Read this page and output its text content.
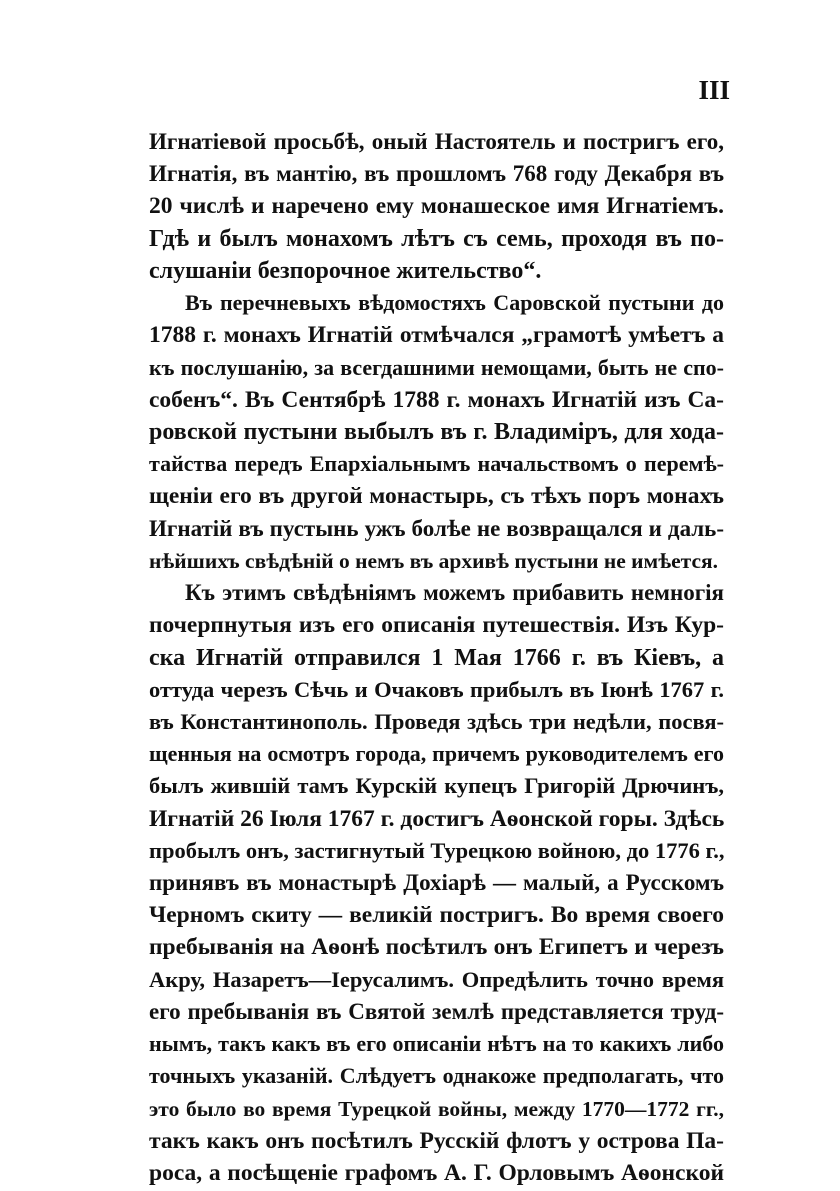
III
Игнатіевой просьбѣ, оный Настоятель и постригъ его,
Игнатія, въ мантію, въ прошломъ 768 году Декабря въ
20 числѣ и наречено ему монашеское имя Игнатіемъ.
Гдѣ и былъ монахомъ лѣтъ съ семь, проходя въ по-
слушаніи безпорочное жительство“.
Въ перечневыхъ вѣдомостяхъ Саровской пустыни до
1788 г. монахъ Игнатій отмѣчался „грамотѣ умѣетъ а
къ послушанію, за всегдашними немощами, быть не спо-
собенъ“. Въ Сентябрѣ 1788 г. монахъ Игнатій изъ Са-
ровской пустыни выбылъ въ г. Владиміръ, для хода-
тайства передъ Епархіальнымъ начальствомъ о перемѣ-
щеніи его въ другой монастырь, съ тѣхъ поръ монахъ
Игнатій въ пустынь ужъ болѣе не возвращался и даль-
нѣйшихъ свѣдѣній о немъ въ архивѣ пустыни не имѣется.
Къ этимъ свѣдѣніямъ можемъ прибавить немногія
почерпнутыя изъ его описанія путешествія. Изъ Кур-
ска Игнатій отправился 1 Мая 1766 г. въ Кіевъ, а
оттуда черезъ Сѣчь и Очаковъ прибылъ въ Іюнѣ 1767 г.
въ Константинополь. Проведя здѣсь три недѣли, посвя-
щенныя на осмотръ города, причемъ руководителемъ его
былъ жившій тамъ Курскій купецъ Григорій Дрючинъ,
Игнатій 26 Іюля 1767 г. достигъ Аѳонской горы. Здѣсь
пробылъ онъ, застигнутый Турецкою войною, до 1776 г.,
принявъ въ монастырѣ Дохіарѣ — малый, а Русскомъ
Черномъ скиту — великій постригъ. Во время своего
пребыванія на Аѳонѣ посѣтилъ онъ Египетъ и черезъ
Акру, Назаретъ—Іерусалимъ. Опредѣлить точно время
его пребыванія въ Святой землѣ представляется труд-
нымъ, такъ какъ въ его описаніи нѣтъ на то какихъ либо
точныхъ указаній. Слѣдуетъ однакоже предполагать, что
это было во время Турецкой войны, между 1770—1772 гг.,
такъ какъ онъ посѣтилъ Русскій флотъ у острова Па-
роса, а посѣщеніе графомъ А. Г. Орловымъ Аѳонской
